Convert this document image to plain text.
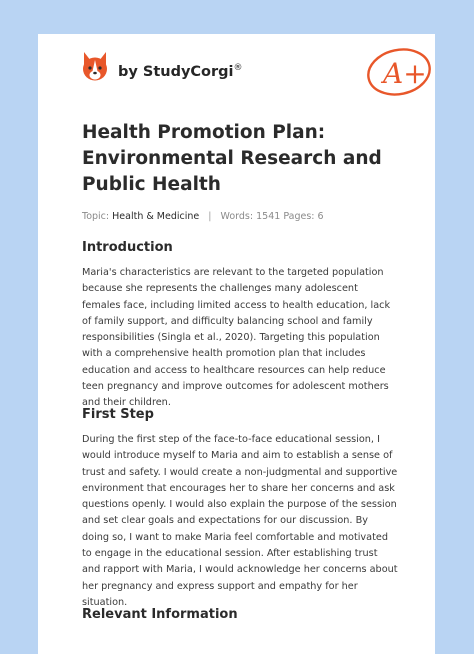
by StudyCorgi®	A+
Health Promotion Plan: Environmental Research and Public Health
Topic: Health & Medicine | Words: 1541 Pages: 6
Introduction

Maria's characteristics are relevant to the targeted population because she represents the challenges many adolescent females face, including limited access to health education, lack of family support, and difficulty balancing school and family responsibilities (Singla et al., 2020). Targeting this population with a comprehensive health promotion plan that includes education and access to healthcare resources can help reduce teen pregnancy and improve outcomes for adolescent mothers and their children.

First Step

During the first step of the face-to-face educational session, I would introduce myself to Maria and aim to establish a sense of trust and safety. I would create a non-judgmental and supportive environment that encourages her to share her concerns and ask questions openly. I would also explain the purpose of the session and set clear goals and expectations for our discussion. By doing so, I want to make Maria feel comfortable and motivated to engage in the educational session. After establishing trust and rapport with Maria, I would acknowledge her concerns about her pregnancy and express support and empathy for her situation.

Relevant Information
